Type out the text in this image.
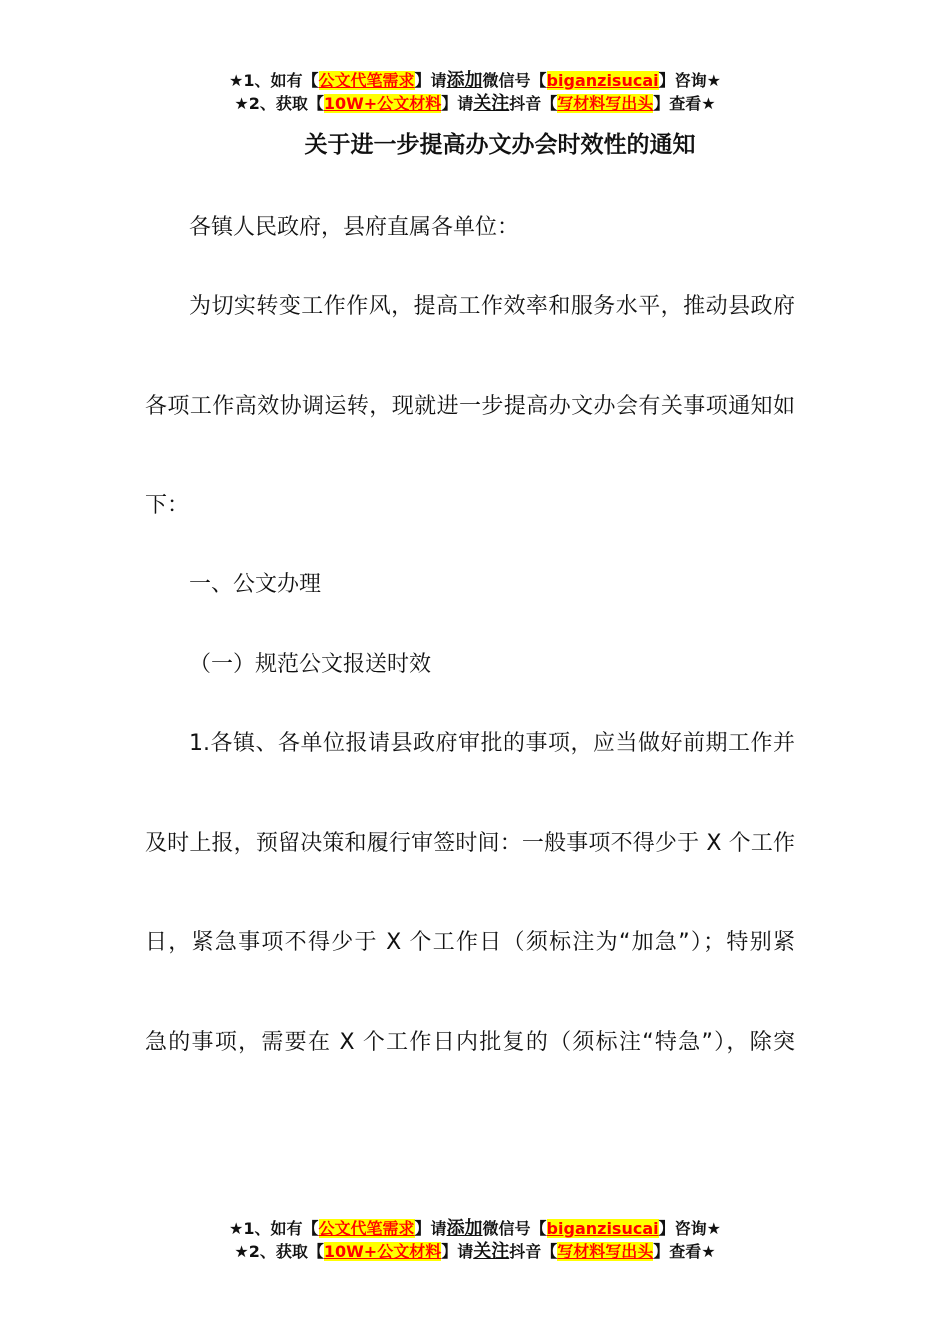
★1、如有【公文代笔需求】请添加微信号【biganzisucai】咨询★
★2、获取【10W+公文材料】请关注抖音【写材料写出头】查看★
关于进一步提高办文办会时效性的通知
各镇人民政府，县府直属各单位：
为切实转变工作作风，提高工作效率和服务水平，推动县政府
各项工作高效协调运转，现就进一步提高办文办会有关事项通知如
下：
一、公文办理
（一）规范公文报送时效
1.各镇、各单位报请县政府审批的事项，应当做好前期工作并
及时上报，预留决策和履行审签时间：一般事项不得少于 X 个工作
日，紧急事项不得少于 X 个工作日（须标注为“加急”）；特别紧
急的事项，需要在 X 个工作日内批复的（须标注“特急”），除突
★1、如有【公文代笔需求】请添加微信号【biganzisucai】咨询★
★2、获取【10W+公文材料】请关注抖音【写材料写出头】查看★
